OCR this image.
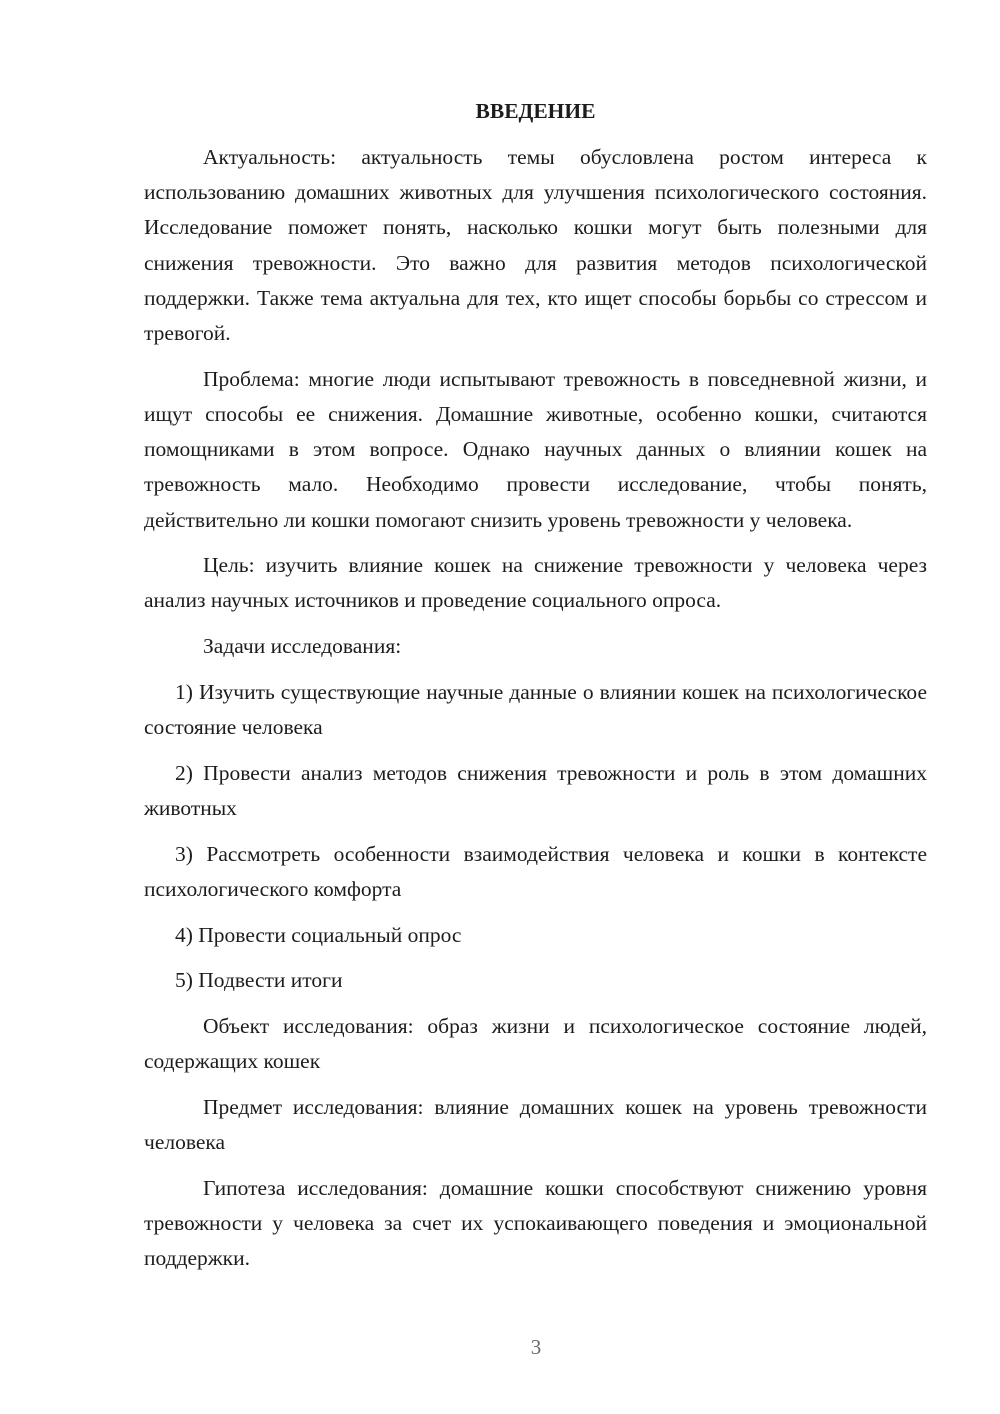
ВВЕДЕНИЕ

Актуальность: актуальность темы обусловлена ростом интереса к использованию домашних животных для улучшения психологического состояния. Исследование поможет понять, насколько кошки могут быть полезными для снижения тревожности. Это важно для развития методов психологической поддержки. Также тема актуальна для тех, кто ищет способы борьбы со стрессом и тревогой.

Проблема: многие люди испытывают тревожность в повседневной жизни, и ищут способы ее снижения. Домашние животные, особенно кошки, считаются помощниками в этом вопросе. Однако научных данных о влиянии кошек на тревожность мало. Необходимо провести исследование, чтобы понять, действительно ли кошки помогают снизить уровень тревожности у человека.

Цель: изучить влияние кошек на снижение тревожности у человека через анализ научных источников и проведение социального опроса.

Задачи исследования:

1) Изучить существующие научные данные о влиянии кошек на психологическое состояние человека

2) Провести анализ методов снижения тревожности и роль в этом домашних животных

3) Рассмотреть особенности взаимодействия человека и кошки в контексте психологического комфорта

4) Провести социальный опрос

5) Подвести итоги

Объект исследования: образ жизни и психологическое состояние людей, содержащих кошек

Предмет исследования: влияние домашних кошек на уровень тревожности человека

Гипотеза исследования: домашние кошки способствуют снижению уровня тревожности у человека за счет их успокаивающего поведения и эмоциональной поддержки.

3
